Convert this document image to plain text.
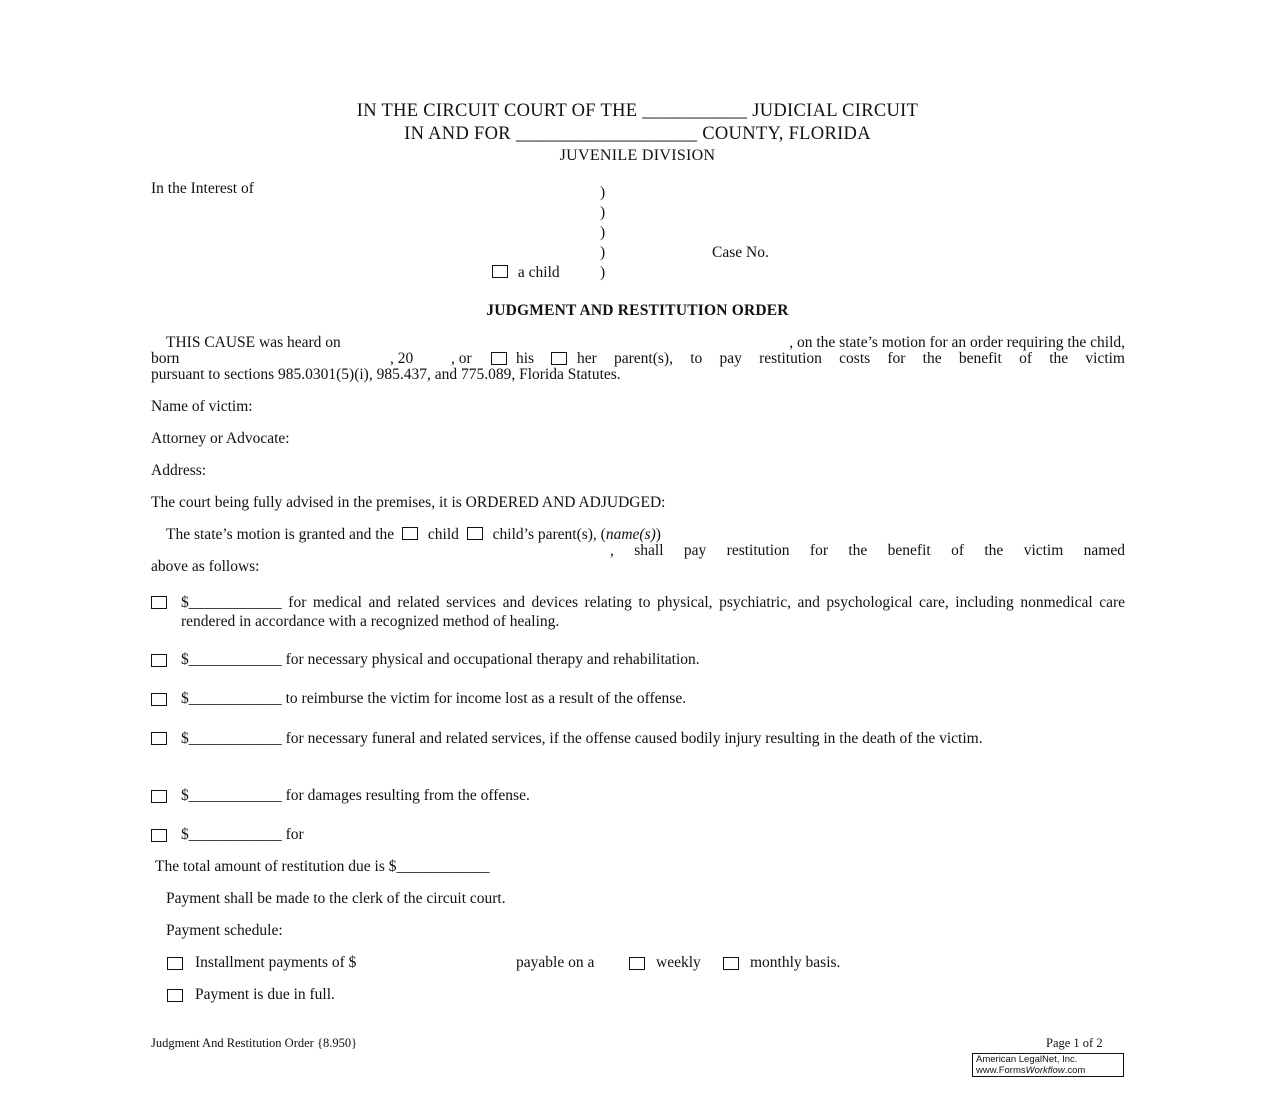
IN THE CIRCUIT COURT OF THE ___________ JUDICIAL CIRCUIT
IN AND FOR ___________________ COUNTY, FLORIDA
JUVENILE DIVISION
In the Interest of	)
)
)
)
)
Case No.
a child
JUDGMENT AND RESTITUTION ORDER
THIS CAUSE was heard on	, on the state’s motion for an order requiring the child,
born	, 20 , or	his	her parent(s), to pay restitution costs for the benefit of the victim
pursuant to sections 985.0301(5)(i), 985.437, and 775.089, Florida Statutes.
Name of victim:
Attorney or Advocate:
Address:
The court being fully advised in the premises, it is ORDERED AND ADJUDGED:
The state’s motion is granted and the child child’s parent(s), (name(s))
, shall pay restitution for the benefit of the victim named
above as follows:
$____________ for medical and related services and devices relating to physical, psychiatric, and psychological care, including nonmedical care rendered in accordance with a recognized method of healing.
$____________ for necessary physical and occupational therapy and rehabilitation.
$____________ to reimburse the victim for income lost as a result of the offense.
$____________ for necessary funeral and related services, if the offense caused bodily injury resulting in the death of the victim.
$____________ for damages resulting from the offense.
$____________ for
The total amount of restitution due is $____________
Payment shall be made to the clerk of the circuit court.
Payment schedule:
Installment payments of $	payable on a	weekly	monthly basis.
Payment is due in full.
Judgment And Restitution Order {8.950}	Page 1 of 2
American LegalNet, Inc.
www.FormsWorkflow.com
